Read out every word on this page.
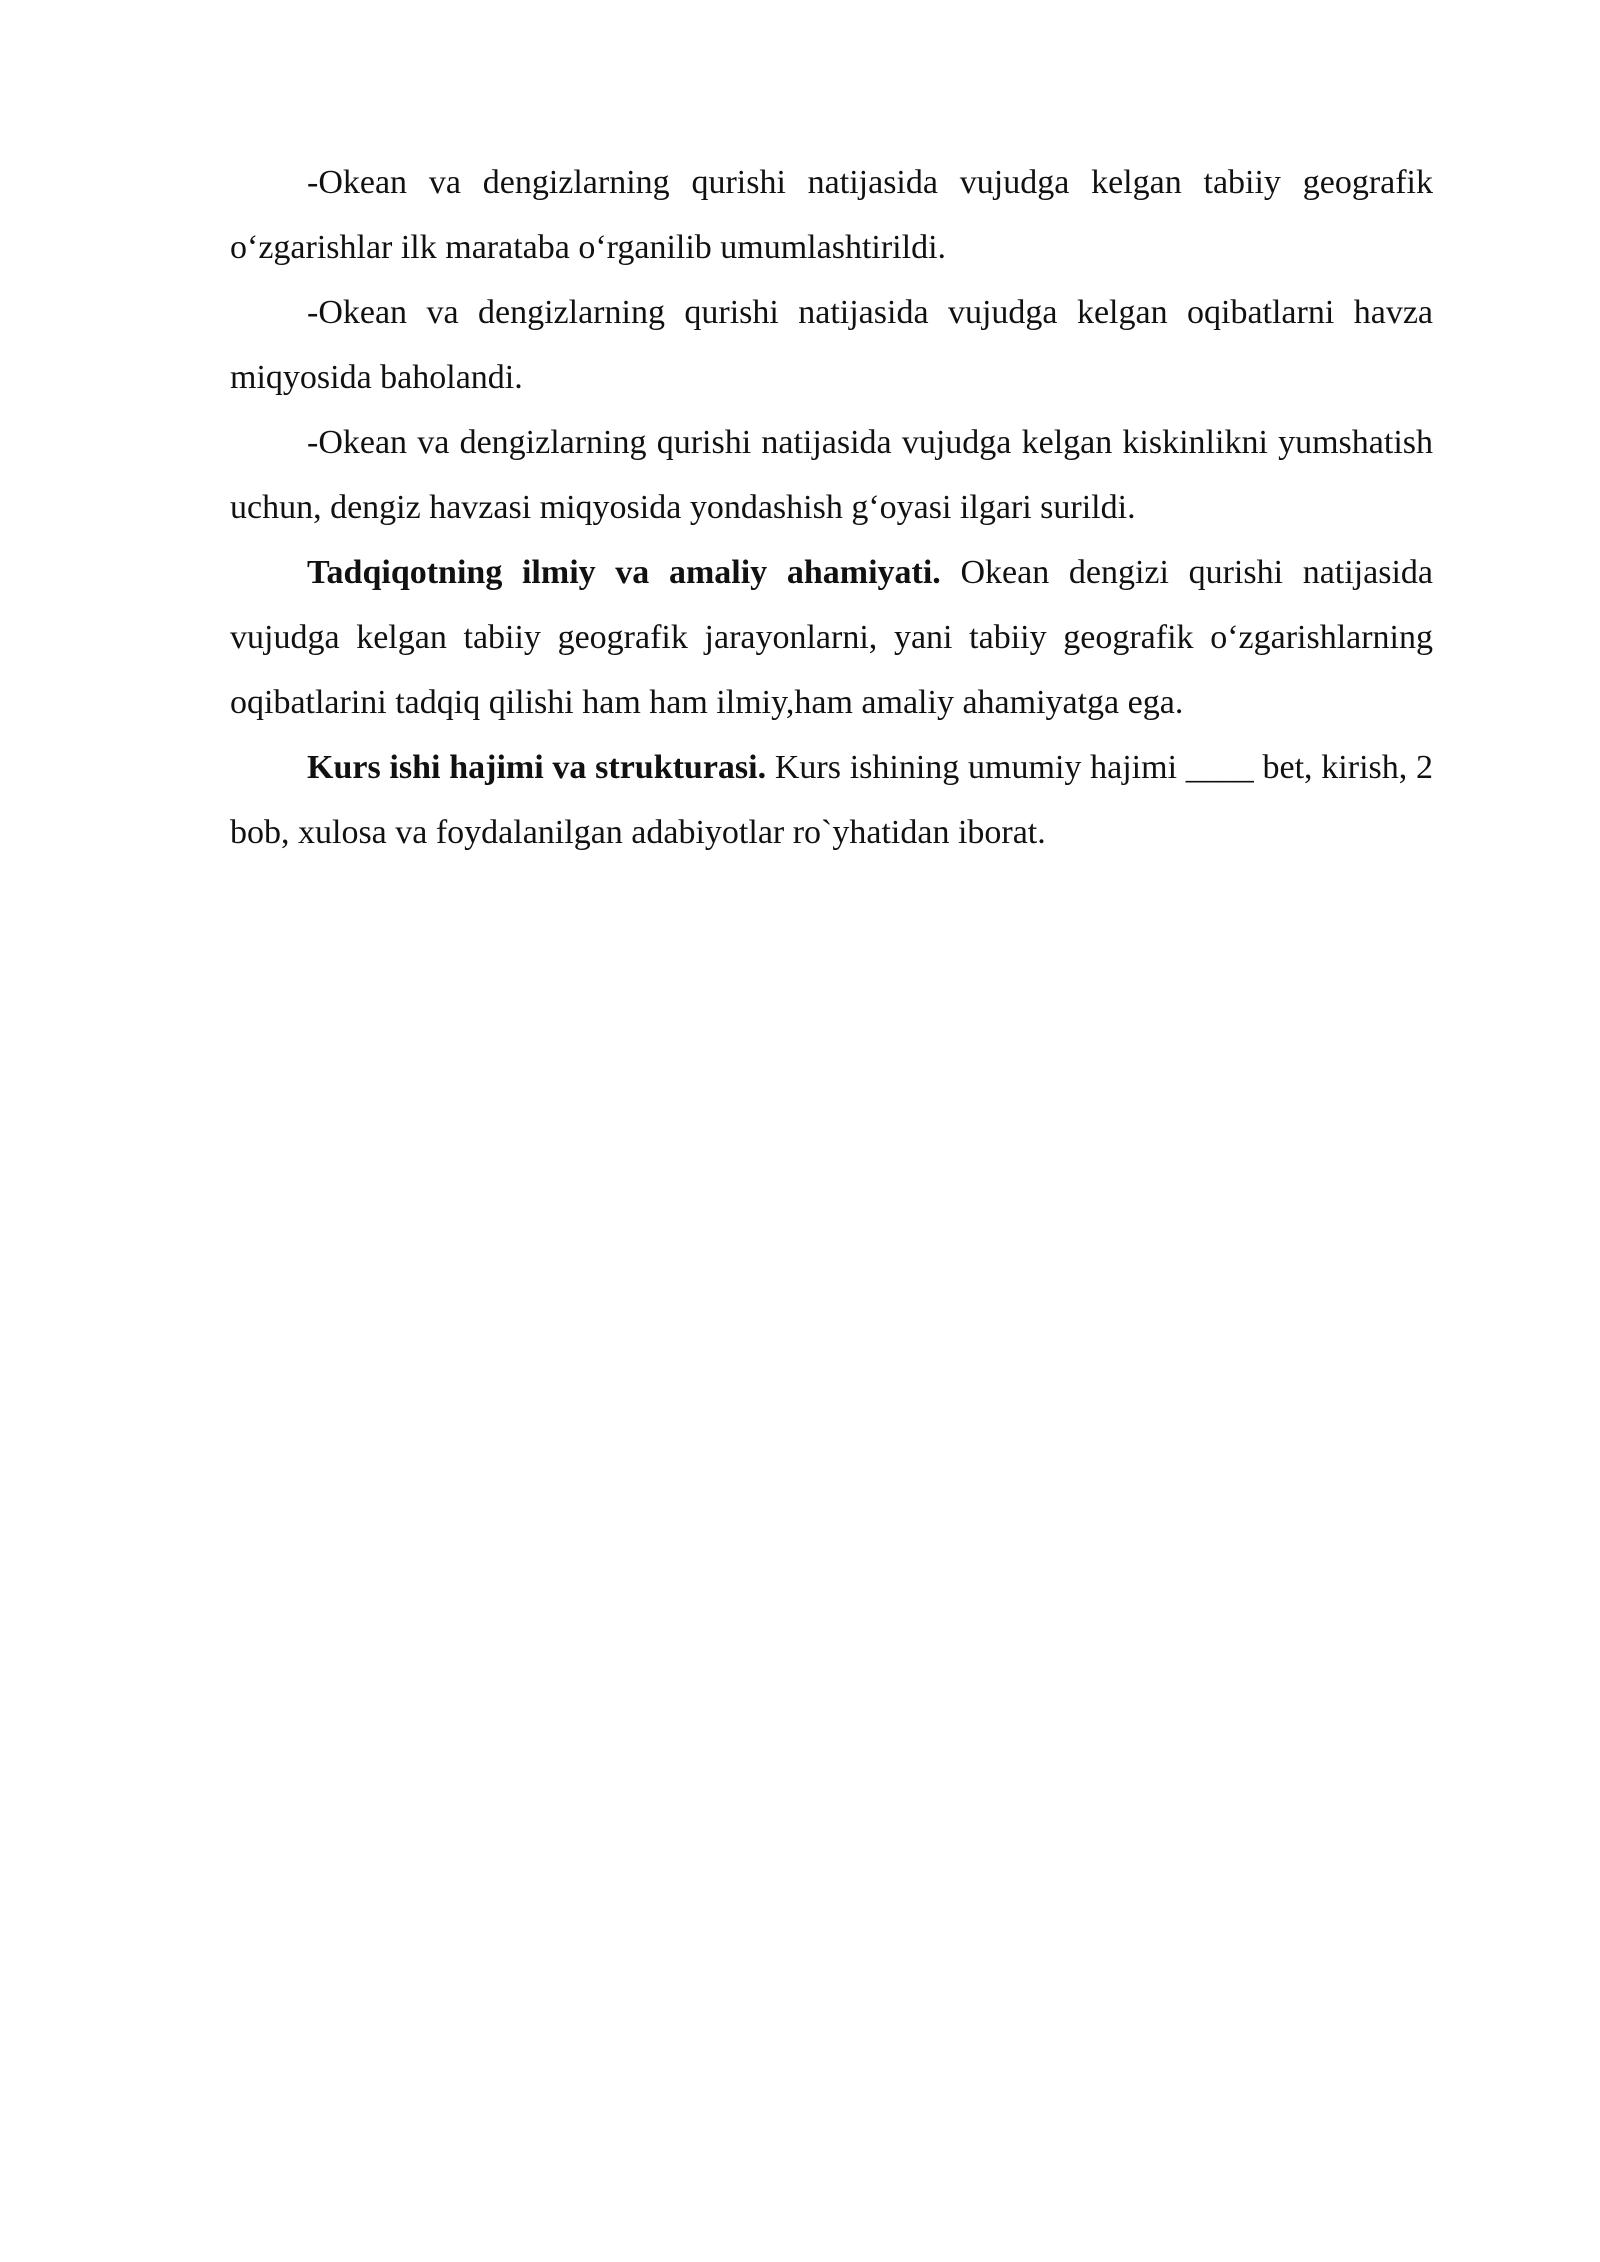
-Okean va dengizlarning qurishi natijasida vujudga kelgan tabiiy geografik o‘zgarishlar ilk marataba o‘rganilib umumlashtirildi.

-Okean va dengizlarning qurishi natijasida vujudga kelgan oqibatlarni havza miqyosida baholandi.

-Okean va dengizlarning qurishi natijasida vujudga kelgan kiskinlikni yumshatish uchun, dengiz havzasi miqyosida yondashish g‘oyasi ilgari surildi.

Tadqiqotning ilmiy va amaliy ahamiyati. Okean dengizi qurishi natijasida vujudga kelgan tabiiy geografik jarayonlarni, yani tabiiy geografik o‘zgarishlarning oqibatlarini tadqiq qilishi ham ham ilmiy,ham amaliy ahamiyatga ega.

Kurs ishi hajimi va strukturasi. Kurs ishining umumiy hajimi ____ bet, kirish, 2 bob, xulosa va foydalanilgan adabiyotlar ro`yhatidan iborat.
